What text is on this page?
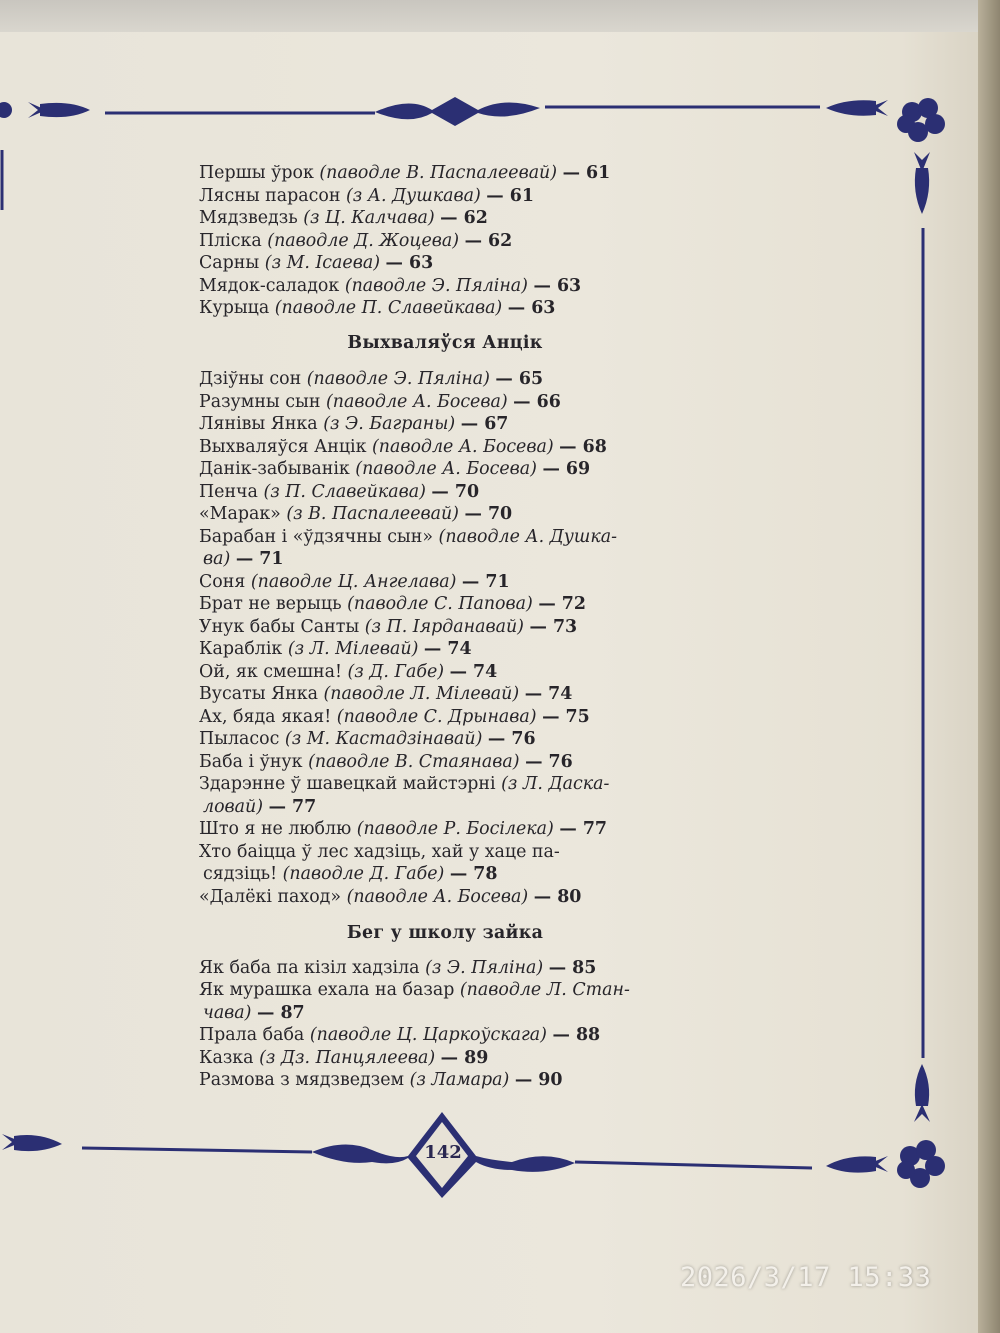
142
Першы ўрок (паводле В. Паспалеевай) — 61
Лясны парасон (з А. Душкава) — 61
Мядзведзь (з Ц. Калчава) — 62
Пліска (паводле Д. Жоцева) — 62
Сарны (з М. Ісаева) — 63
Мядок-саладок (паводле Э. Пяліна) — 63
Курыца (паводле П. Славейкава) — 63
Выхваляўся Анцік
Дзіўны сон (паводле Э. Пяліна) — 65
Разумны сын (паводле А. Босева) — 66
Лянівы Янка (з Э. Баграны) — 67
Выхваляўся Анцік (паводле А. Босева) — 68
Данік-забыванік (паводле А. Босева) — 69
Пенча (з П. Славейкава) — 70
«Марак» (з В. Паспалеевай) — 70
Барабан і «ўдзячны сын» (паводле А. Душка-
ва) — 71
Соня (паводле Ц. Ангелава) — 71
Брат не верыць (паводле С. Папова) — 72
Унук бабы Санты (з П. Іярданавай) — 73
Караблік (з Л. Мілевай) — 74
Ой, як смешна! (з Д. Габе) — 74
Вусаты Янка (паводле Л. Мілевай) — 74
Ах, бяда якая! (паводле С. Дрынава) — 75
Пыласос (з М. Кастадзінавай) — 76
Баба і ўнук (паводле В. Стаянава) — 76
Здарэнне ў шавецкай майстэрні (з Л. Даска-
ловай) — 77
Што я не люблю (паводле Р. Босілека) — 77
Хто баіцца ў лес хадзіць, хай у хаце па-
сядзіць! (паводле Д. Габе) — 78
«Далёкі паход» (паводле А. Босева) — 80
Бег у школу зайка
Як баба па кізіл хадзіла (з Э. Пяліна) — 85
Як мурашка ехала на базар (паводле Л. Стан-
чава) — 87
Прала баба (паводле Ц. Царкоўскага) — 88
Казка (з Дз. Панцялеева) — 89
Размова з мядзведзем (з Ламара) — 90
2026/3/17 15:33
